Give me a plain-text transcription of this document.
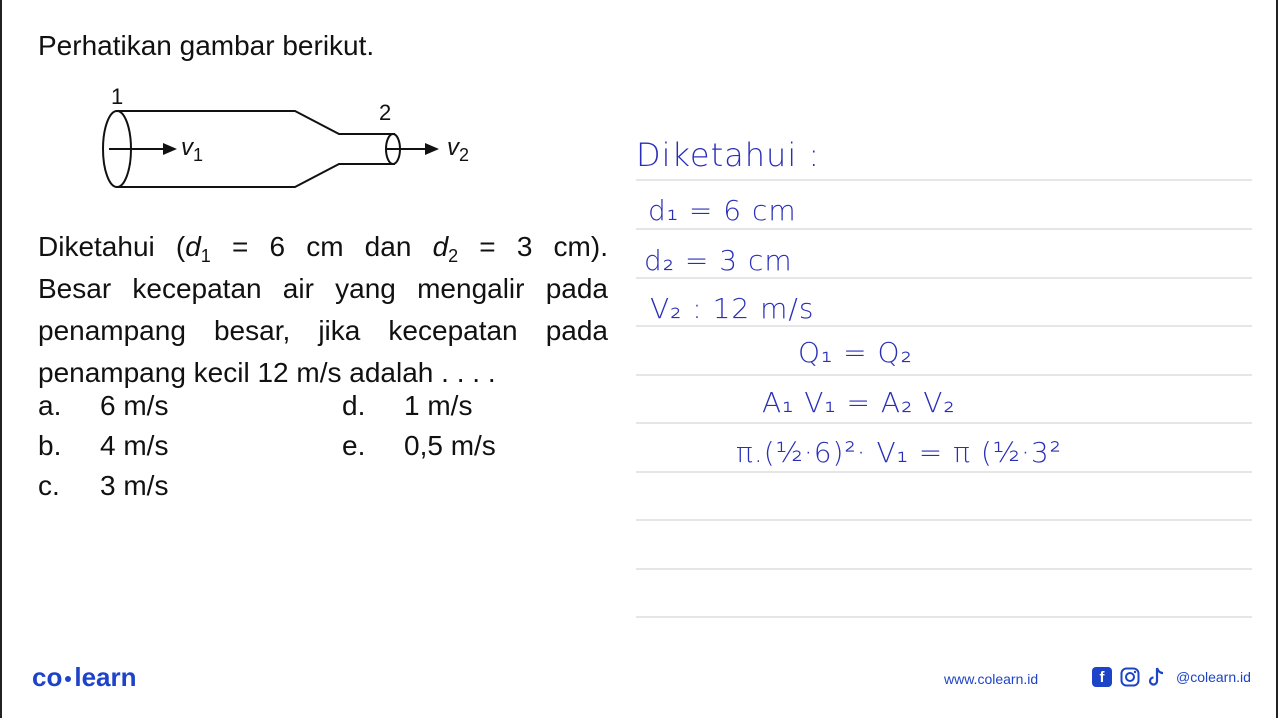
Perhatikan gambar berikut.
1
2
$v_1$	$v_2$
Diketahui ($d_1 = 6$ cm dan $d_2 = 3$ cm).
Besar kecepatan air yang mengalir pada
penampang besar, jika kecepatan pada
penampang kecil 12 m/s adalah . . . .
a. 6 m/s
b. 4 m/s
c. 3 m/s
d. 1 m/s
e. 0,5 m/s
Diketahui :
d₁ = 6 cm
d₂ = 3 cm
V₂ : 12 m/s
Q₁ = Q₂
A₁ V₁ = A₂ V₂
π.(½·6)²· V₁ = π (½·3²
co learn	www.colearn.id	f	@colearn.id
